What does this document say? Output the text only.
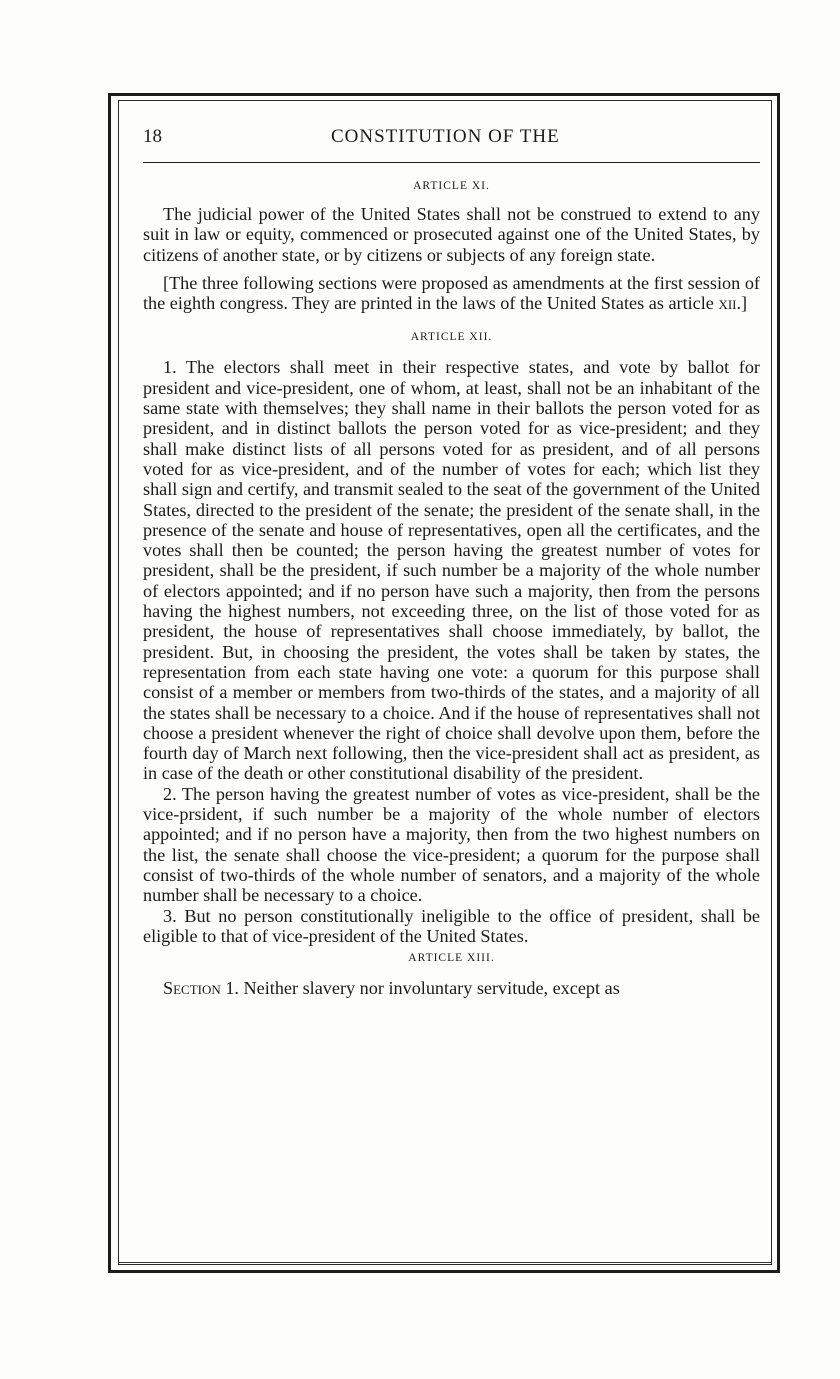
18	CONSTITUTION OF THE
ARTICLE XI.

The judicial power of the United States shall not be construed to extend to any suit in law or equity, commenced or prosecuted against one of the United States, by citizens of another state, or by citizens or subjects of any foreign state.

[The three following sections were proposed as amendments at the first session of the eighth congress. They are printed in the laws of the United States as article xii.]

ARTICLE XII.

1. The electors shall meet in their respective states, and vote by ballot for president and vice-president, one of whom, at least, shall not be an inhabitant of the same state with themselves; they shall name in their ballots the person voted for as president, and in distinct ballots the person voted for as vice-president; and they shall make distinct lists of all persons voted for as president, and of all persons voted for as vice-president, and of the number of votes for each; which list they shall sign and certify, and transmit sealed to the seat of the government of the United States, directed to the president of the senate; the president of the senate shall, in the presence of the senate and house of representatives, open all the certificates, and the votes shall then be counted; the person having the greatest number of votes for president, shall be the president, if such number be a majority of the whole number of electors appointed; and if no person have such a majority, then from the persons having the highest numbers, not exceeding three, on the list of those voted for as president, the house of representatives shall choose immediately, by ballot, the president. But, in choosing the president, the votes shall be taken by states, the representation from each state having one vote: a quorum for this purpose shall consist of a member or members from two-thirds of the states, and a majority of all the states shall be necessary to a choice. And if the house of representatives shall not choose a president whenever the right of choice shall devolve upon them, before the fourth day of March next following, then the vice-president shall act as president, as in case of the death or other constitutional disability of the president.

2. The person having the greatest number of votes as vice-president, shall be the vice-prsident, if such number be a majority of the whole number of electors appointed; and if no person have a majority, then from the two highest numbers on the list, the senate shall choose the vice-president; a quorum for the purpose shall consist of two-thirds of the whole number of senators, and a majority of the whole number shall be necessary to a choice.

3. But no person constitutionally ineligible to the office of president, shall be eligible to that of vice-president of the United States.

ARTICLE XIII.

Section 1. Neither slavery nor involuntary servitude, except as
